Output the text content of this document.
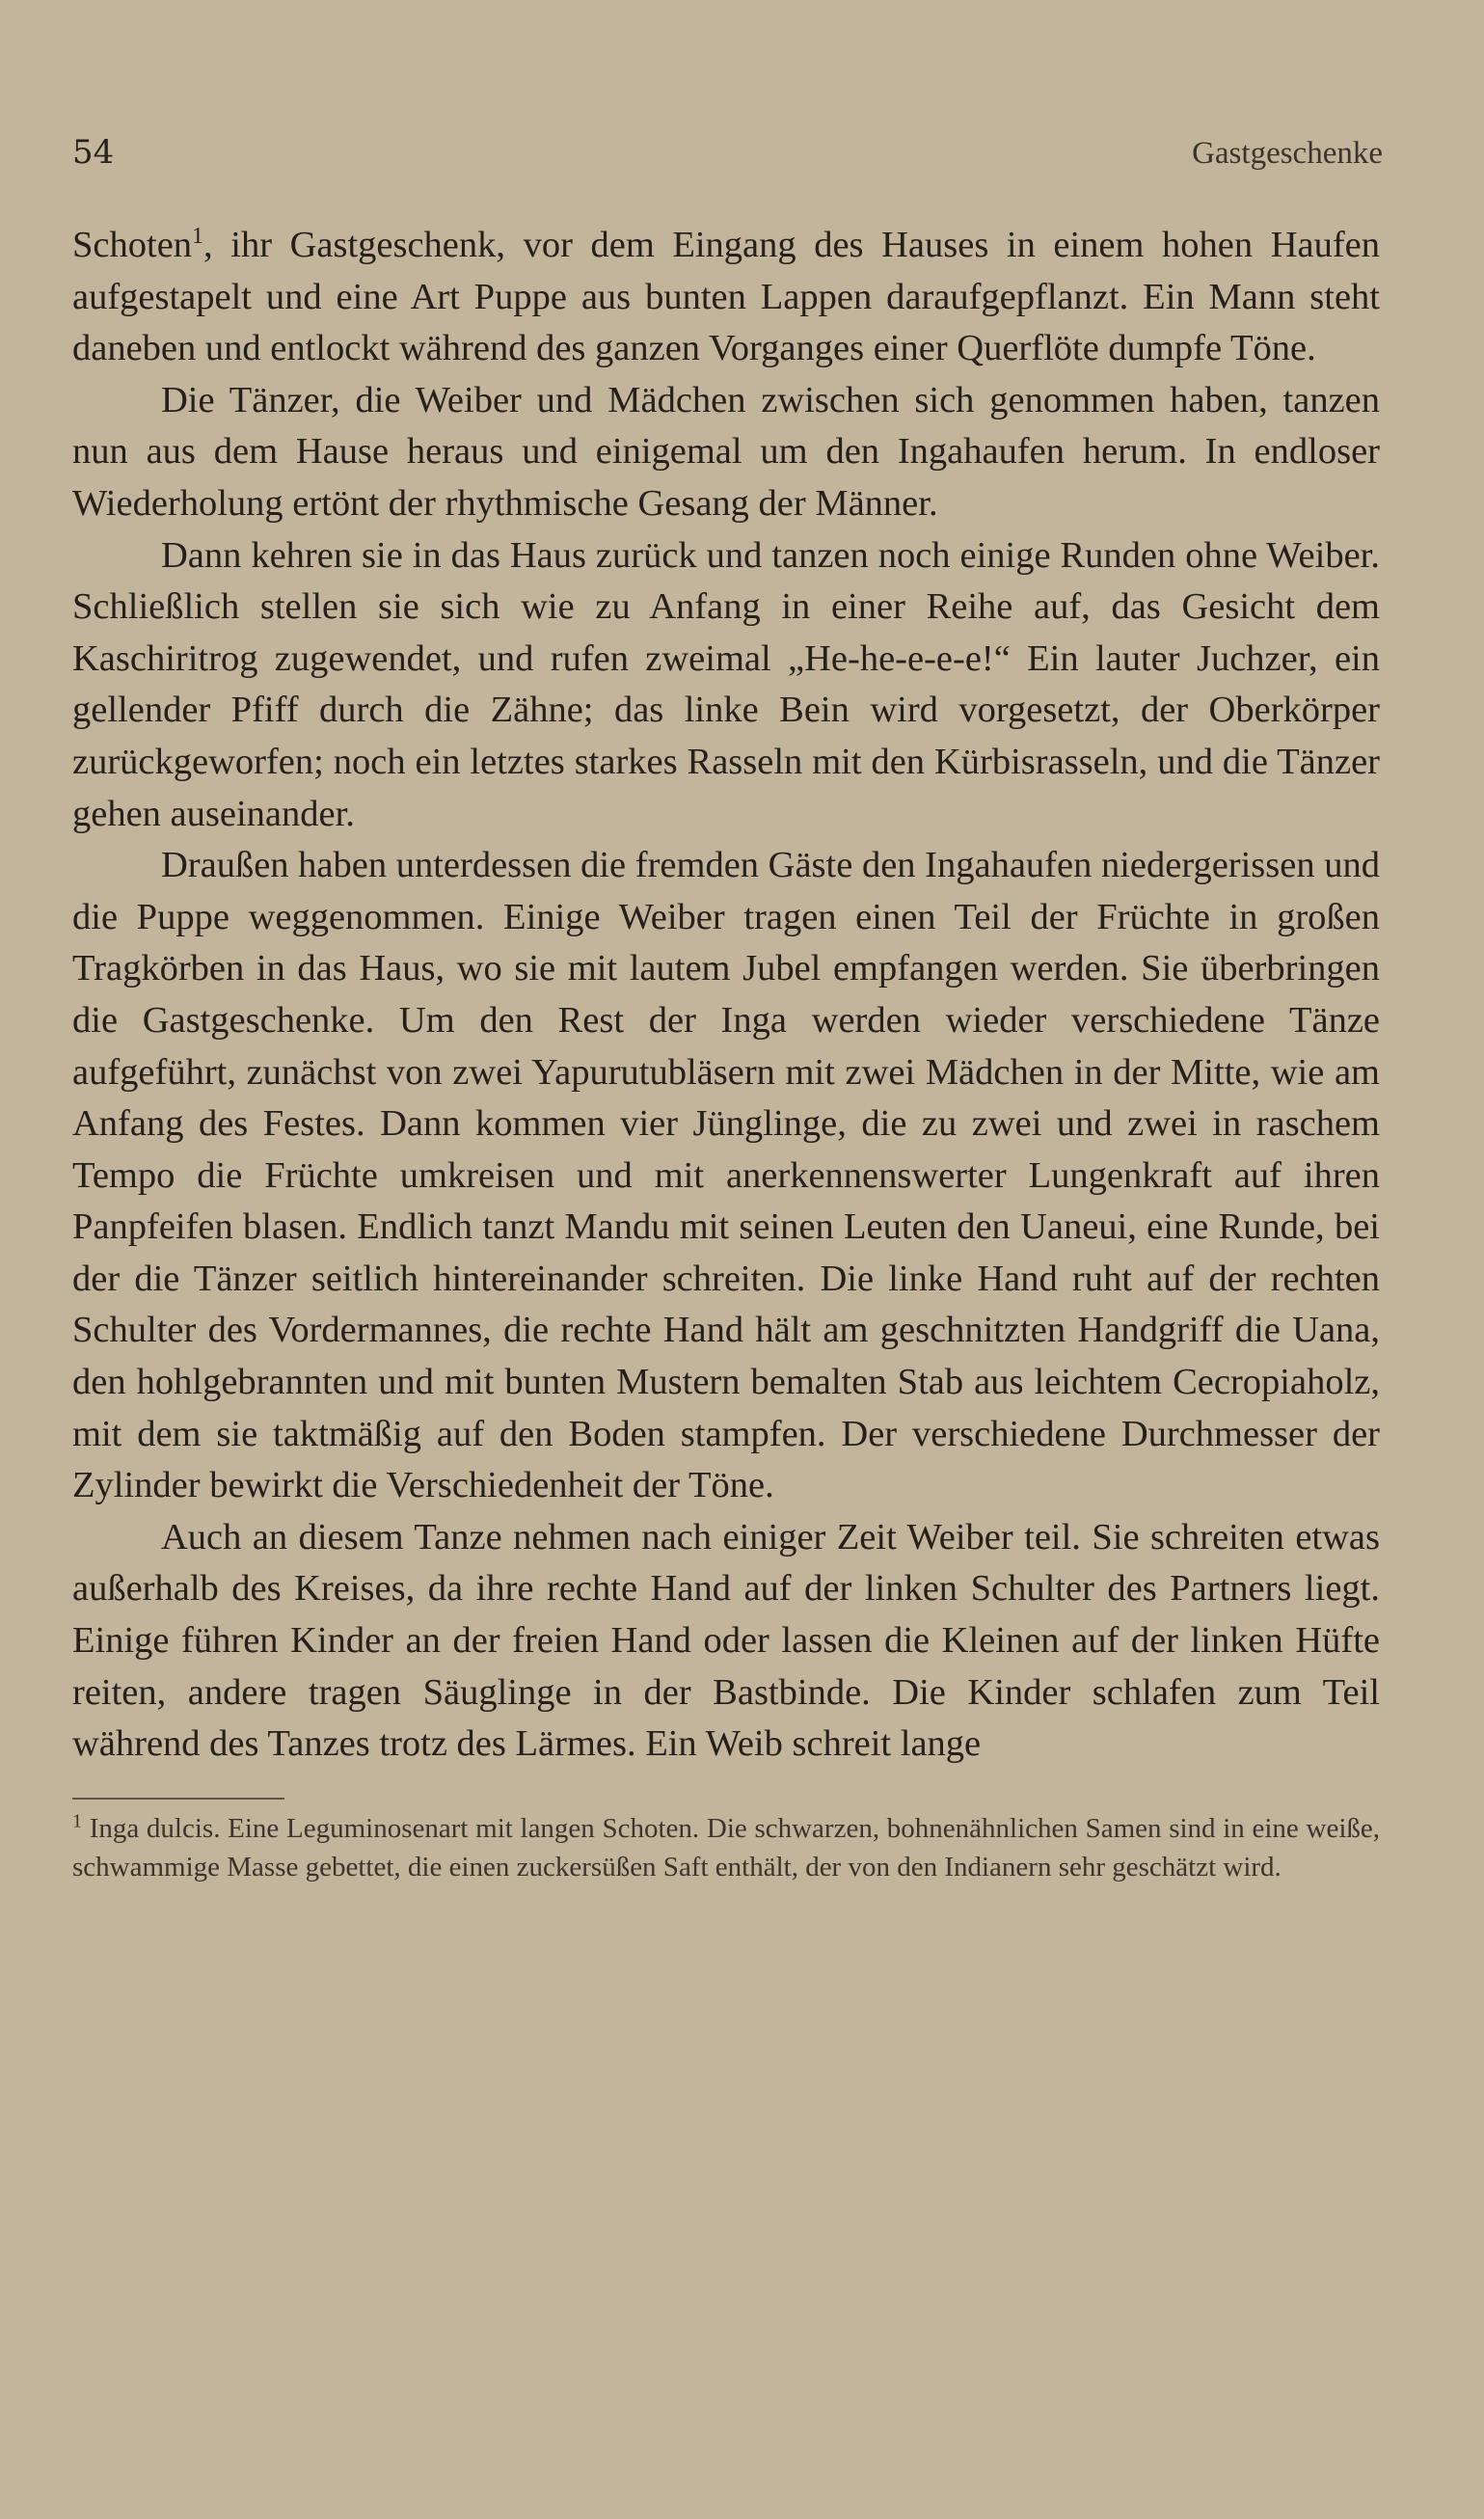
54	Gastgeschenke

Schoten$^1$, ihr Gastgeschenk, vor dem Eingang des Hauses in einem hohen Haufen aufgestapelt und eine Art Puppe aus bunten Lappen daraufgepflanzt. Ein Mann steht daneben und entlockt während des ganzen Vorganges einer Querflöte dumpfe Töne.

Die Tänzer, die Weiber und Mädchen zwischen sich genommen haben, tanzen nun aus dem Hause heraus und einigemal um den Ingahaufen herum. In endloser Wiederholung ertönt der rhythmische Gesang der Männer.

Dann kehren sie in das Haus zurück und tanzen noch einige Runden ohne Weiber. Schließlich stellen sie sich wie zu Anfang in einer Reihe auf, das Gesicht dem Kaschiritrog zugewendet, und rufen zweimal „He-he-e-e-e!“ Ein lauter Juchzer, ein gellender Pfiff durch die Zähne; das linke Bein wird vorgesetzt, der Oberkörper zurückgeworfen; noch ein letztes starkes Rasseln mit den Kürbisrasseln, und die Tänzer gehen auseinander.

Draußen haben unterdessen die fremden Gäste den Ingahaufen niedergerissen und die Puppe weggenommen. Einige Weiber tragen einen Teil der Früchte in großen Tragkörben in das Haus, wo sie mit lautem Jubel empfangen werden. Sie überbringen die Gastgeschenke. Um den Rest der Inga werden wieder verschiedene Tänze aufgeführt, zunächst von zwei Yapurutubläsern mit zwei Mädchen in der Mitte, wie am Anfang des Festes. Dann kommen vier Jünglinge, die zu zwei und zwei in raschem Tempo die Früchte umkreisen und mit anerkennenswerter Lungenkraft auf ihren Panpfeifen blasen. Endlich tanzt Mandu mit seinen Leuten den Uaneui, eine Runde, bei der die Tänzer seitlich hintereinander schreiten. Die linke Hand ruht auf der rechten Schulter des Vordermannes, die rechte Hand hält am geschnitzten Handgriff die Uana, den hohlgebrannten und mit bunten Mustern bemalten Stab aus leichtem Cecropiaholz, mit dem sie taktmäßig auf den Boden stampfen. Der verschiedene Durchmesser der Zylinder bewirkt die Verschiedenheit der Töne.

Auch an diesem Tanze nehmen nach einiger Zeit Weiber teil. Sie schreiten etwas außerhalb des Kreises, da ihre rechte Hand auf der linken Schulter des Partners liegt. Einige führen Kinder an der freien Hand oder lassen die Kleinen auf der linken Hüfte reiten, andere tragen Säuglinge in der Bastbinde. Die Kinder schlafen zum Teil während des Tanzes trotz des Lärmes. Ein Weib schreit lange

$^1$ Inga dulcis. Eine Leguminosenart mit langen Schoten. Die schwarzen, bohnenähnlichen Samen sind in eine weiße, schwammige Masse gebettet, die einen zuckersüßen Saft enthält, der von den Indianern sehr geschätzt wird.
